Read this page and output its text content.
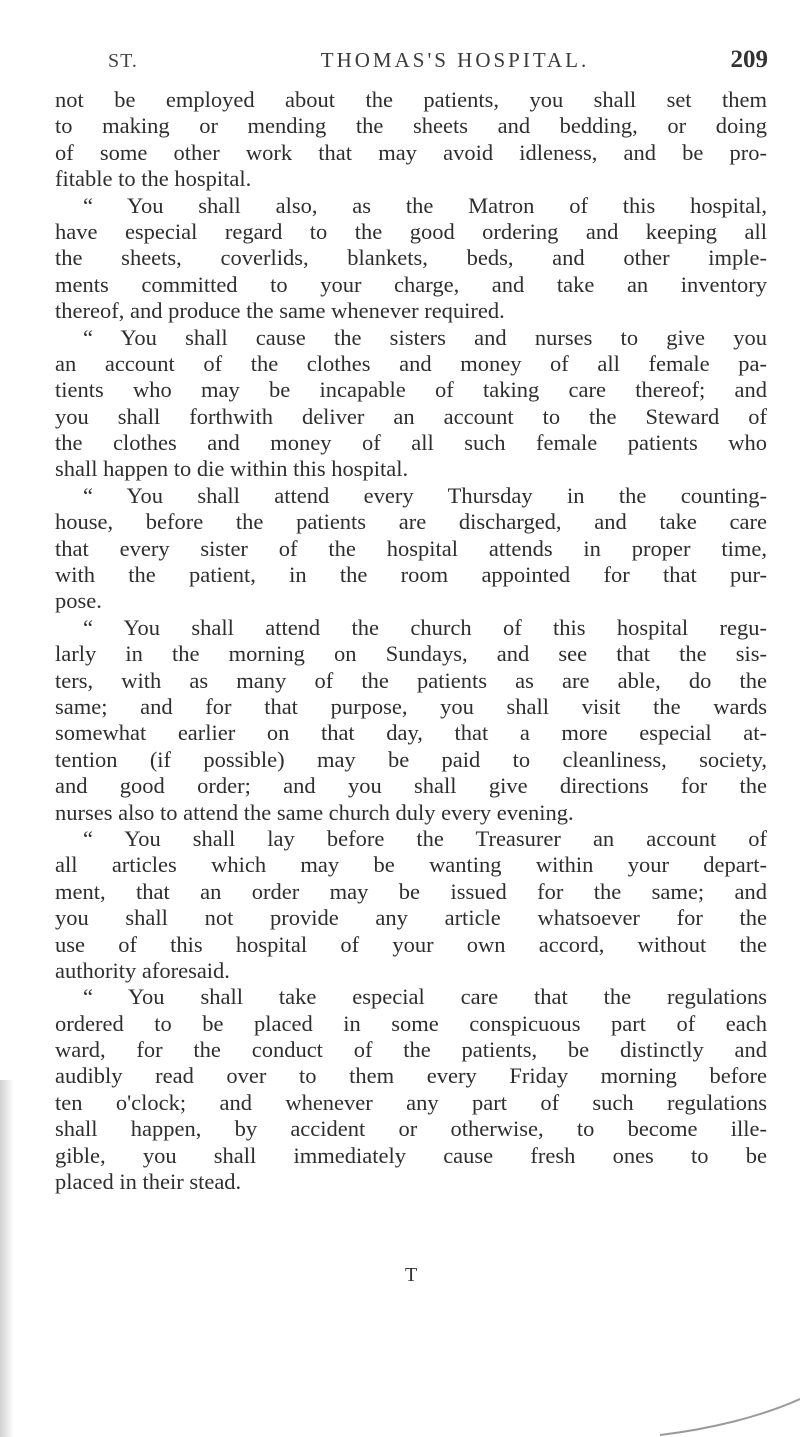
ST.	THOMAS'S HOSPITAL.	209
not be employed about the patients, you shall set them
to making or mending the sheets and bedding, or doing
of some other work that may avoid idleness, and be pro-
fitable to the hospital.
“ You shall also, as the Matron of this hospital,
have especial regard to the good ordering and keeping all
the sheets, coverlids, blankets, beds, and other imple-
ments committed to your charge, and take an inventory
thereof, and produce the same whenever required.
“ You shall cause the sisters and nurses to give you
an account of the clothes and money of all female pa-
tients who may be incapable of taking care thereof; and
you shall forthwith deliver an account to the Steward of
the clothes and money of all such female patients who
shall happen to die within this hospital.
“ You shall attend every Thursday in the counting-
house, before the patients are discharged, and take care
that every sister of the hospital attends in proper time,
with the patient, in the room appointed for that pur-
pose.
“ You shall attend the church of this hospital regu-
larly in the morning on Sundays, and see that the sis-
ters, with as many of the patients as are able, do the
same; and for that purpose, you shall visit the wards
somewhat earlier on that day, that a more especial at-
tention (if possible) may be paid to cleanliness, society,
and good order; and you shall give directions for the
nurses also to attend the same church duly every evening.
“ You shall lay before the Treasurer an account of
all articles which may be wanting within your depart-
ment, that an order may be issued for the same; and
you shall not provide any article whatsoever for the
use of this hospital of your own accord, without the
authority aforesaid.
“ You shall take especial care that the regulations
ordered to be placed in some conspicuous part of each
ward, for the conduct of the patients, be distinctly and
audibly read over to them every Friday morning before
ten o'clock; and whenever any part of such regulations
shall happen, by accident or otherwise, to become ille-
gible, you shall immediately cause fresh ones to be
placed in their stead.
T
